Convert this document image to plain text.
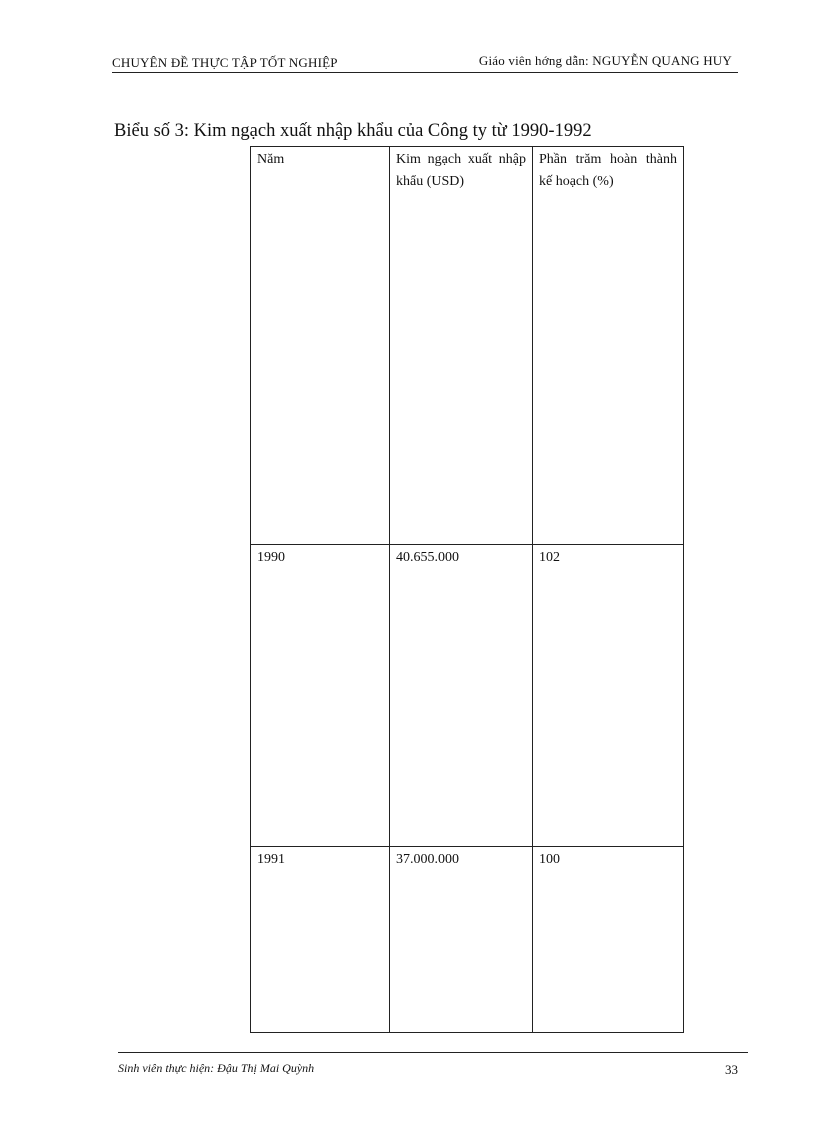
CHUYÊN ĐỀ THỰC TẬP TỐT NGHIỆP	Giáo viên hớng dẫn: NGUYỄN QUANG HUY
Biểu số 3: Kim ngạch xuất nhập khẩu của Công ty từ 1990-1992
Năm	Kim ngạch xuất nhập khẩu (USD)	Phần trăm hoàn thành kế hoạch (%)
1990	40.655.000	102
1991	37.000.000	100
Sinh viên thực hiện: Đậu Thị Mai Quỳnh	33
